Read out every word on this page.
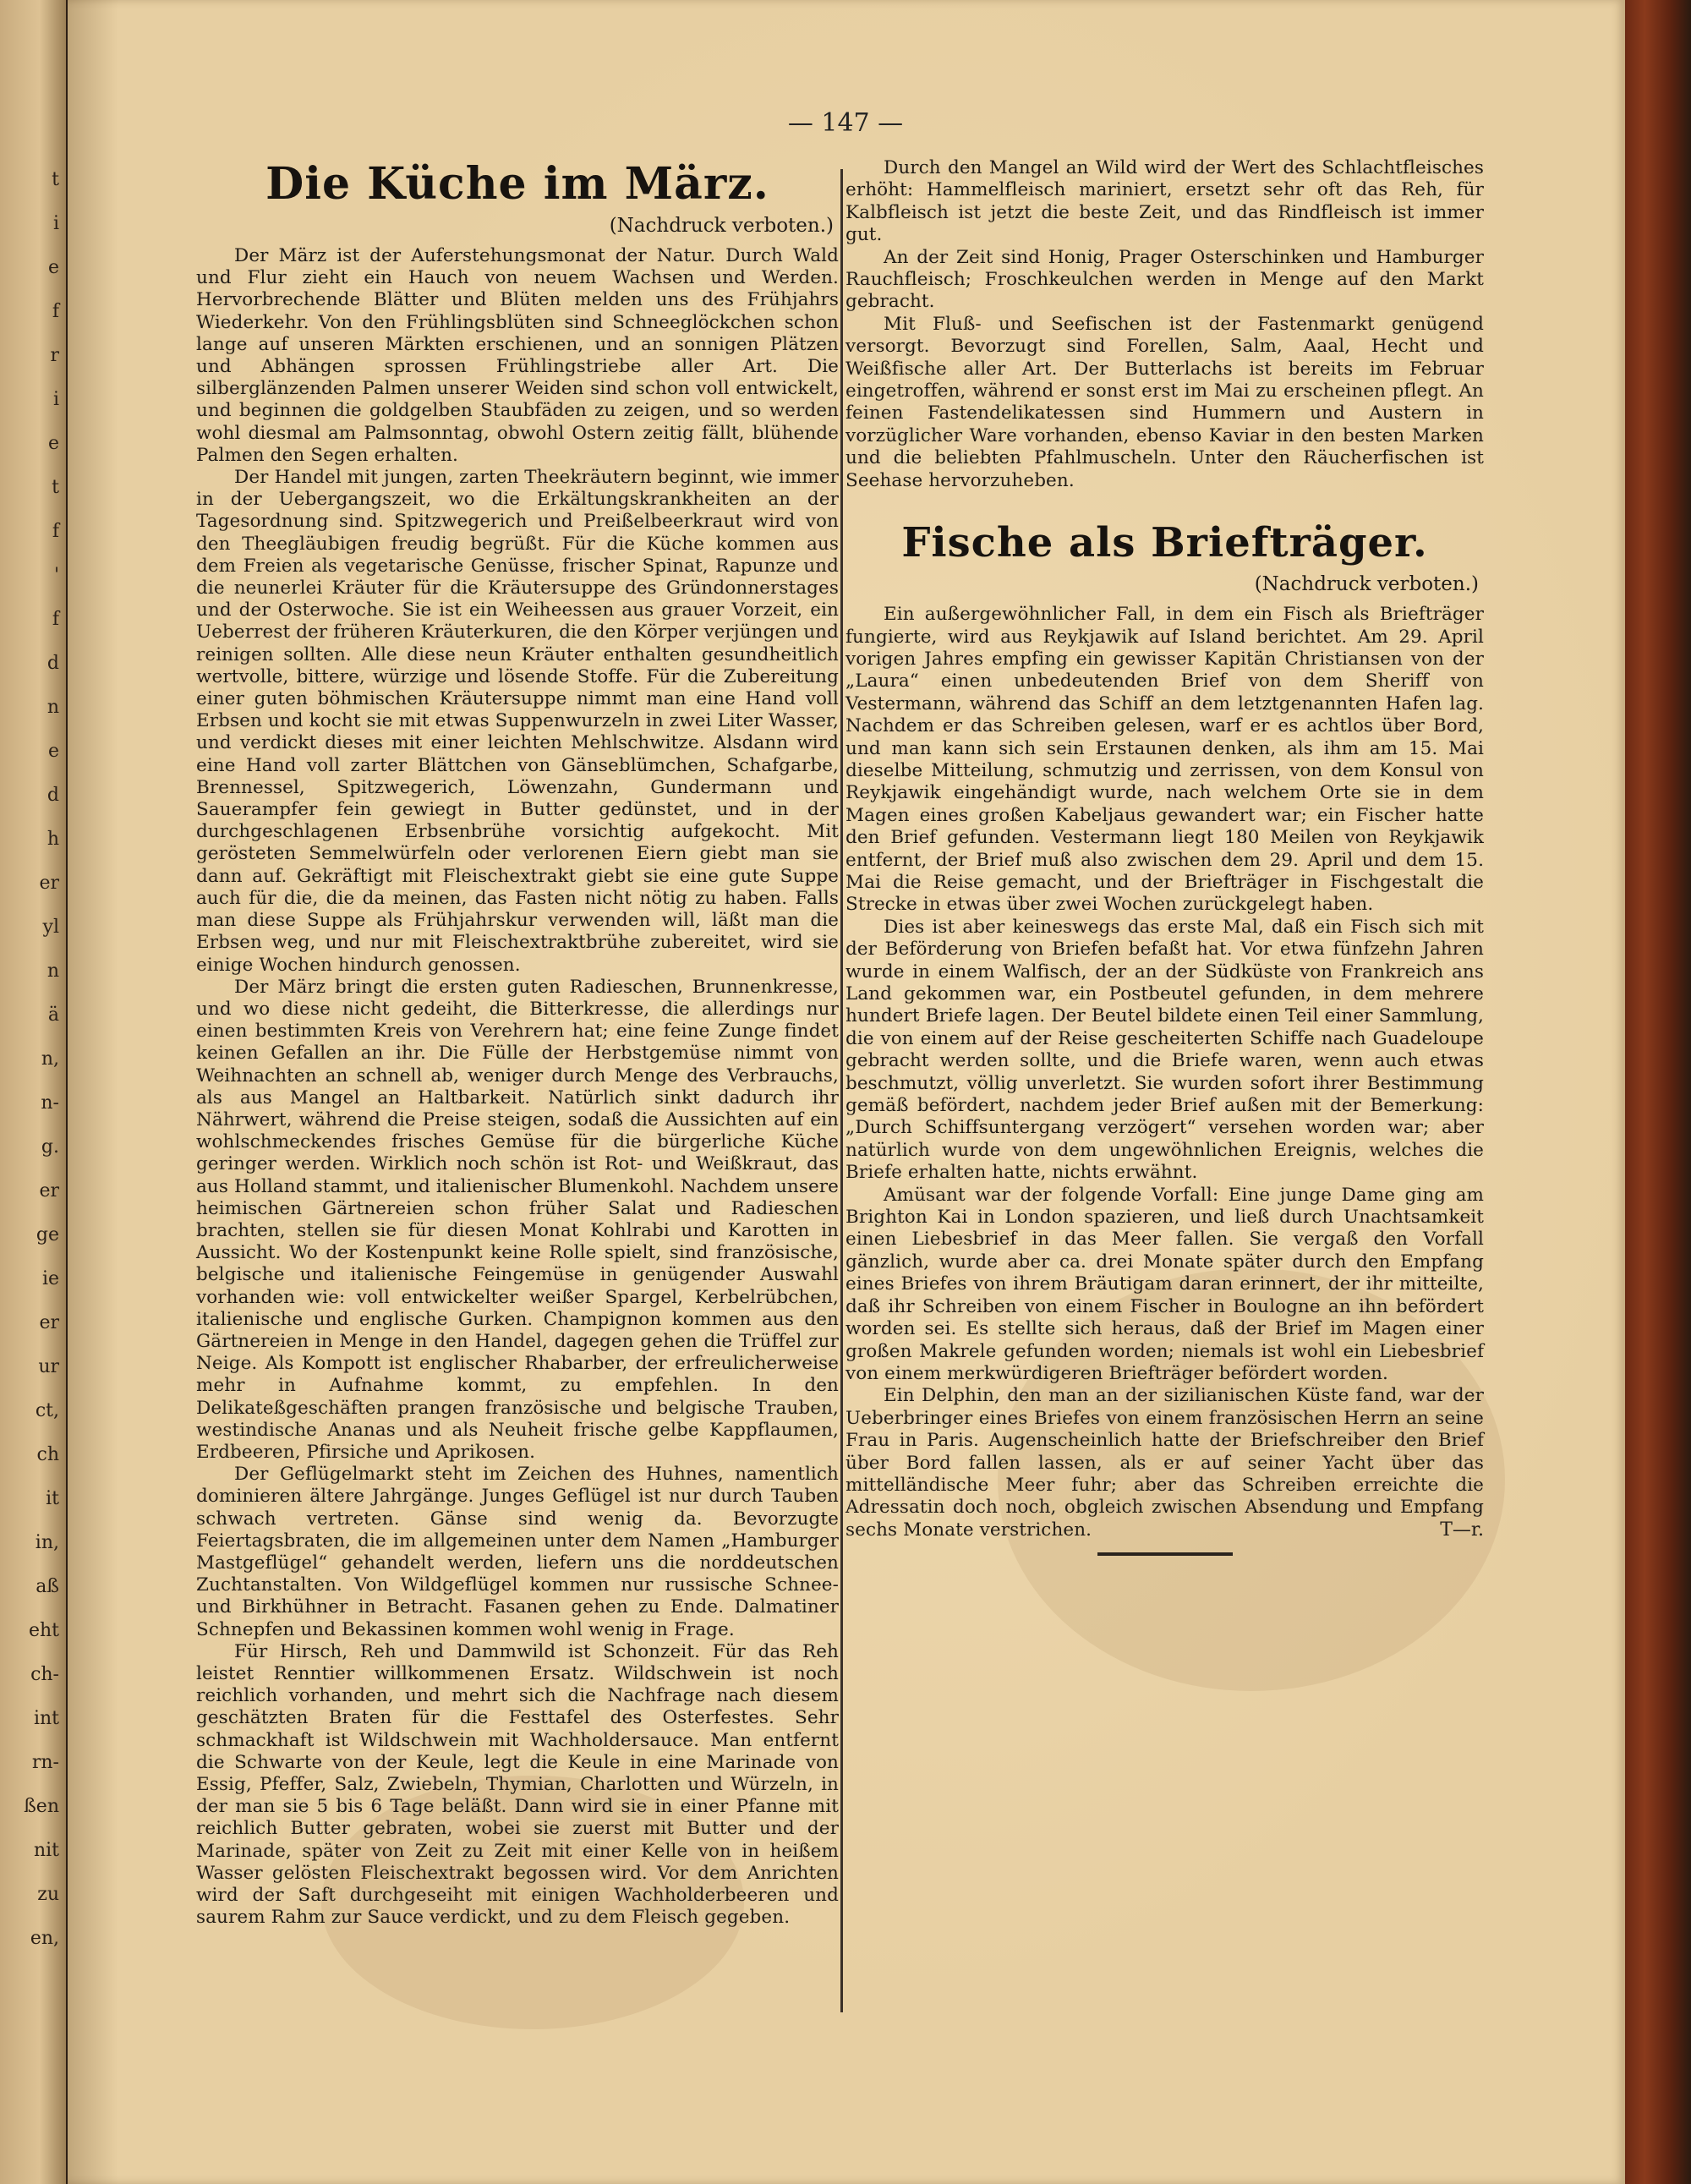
t
i
e
f
r
i
e
t
f
'
f
d
n
e
d
h
er
yl
n
ä
n,
n-
g.
er
ge
ie
er
ur
ct,
ch
it
in,
aß
eht
ch-
int
rn-
ßen
nit
zu
en,
— 147 —
Die Küche im März.
(Nachdruck verboten.)

Der März ist der Auferstehungsmonat der Natur. Durch Wald und Flur zieht ein Hauch von neuem Wachsen und Werden. Hervorbrechende Blätter und Blüten melden uns des Frühjahrs Wiederkehr. Von den Frühlingsblüten sind Schneeglöckchen schon lange auf unseren Märkten erschienen, und an sonnigen Plätzen und Abhängen sprossen Frühlingstriebe aller Art. Die silberglänzenden Palmen unserer Weiden sind schon voll entwickelt, und beginnen die goldgelben Staubfäden zu zeigen, und so werden wohl diesmal am Palmsonntag, obwohl Ostern zeitig fällt, blühende Palmen den Segen erhalten.

Der Handel mit jungen, zarten Theekräutern beginnt, wie immer in der Uebergangszeit, wo die Erkältungskrankheiten an der Tagesordnung sind. Spitzwegerich und Preißelbeerkraut wird von den Theegläubigen freudig begrüßt. Für die Küche kommen aus dem Freien als vegetarische Genüsse, frischer Spinat, Rapunze und die neunerlei Kräuter für die Kräutersuppe des Gründonnerstages und der Osterwoche. Sie ist ein Weiheessen aus grauer Vorzeit, ein Ueberrest der früheren Kräuterkuren, die den Körper verjüngen und reinigen sollten. Alle diese neun Kräuter enthalten gesundheitlich wertvolle, bittere, würzige und lösende Stoffe. Für die Zubereitung einer guten böhmischen Kräutersuppe nimmt man eine Hand voll Erbsen und kocht sie mit etwas Suppenwurzeln in zwei Liter Wasser, und verdickt dieses mit einer leichten Mehlschwitze. Alsdann wird eine Hand voll zarter Blättchen von Gänseblümchen, Schafgarbe, Brennessel, Spitzwegerich, Löwenzahn, Gundermann und Sauerampfer fein gewiegt in Butter gedünstet, und in der durchgeschlagenen Erbsenbrühe vorsichtig aufgekocht. Mit gerösteten Semmelwürfeln oder verlorenen Eiern giebt man sie dann auf. Gekräftigt mit Fleischextrakt giebt sie eine gute Suppe auch für die, die da meinen, das Fasten nicht nötig zu haben. Falls man diese Suppe als Frühjahrskur verwenden will, läßt man die Erbsen weg, und nur mit Fleischextraktbrühe zubereitet, wird sie einige Wochen hindurch genossen.

Der März bringt die ersten guten Radieschen, Brunnenkresse, und wo diese nicht gedeiht, die Bitterkresse, die allerdings nur einen bestimmten Kreis von Verehrern hat; eine feine Zunge findet keinen Gefallen an ihr. Die Fülle der Herbstgemüse nimmt von Weihnachten an schnell ab, weniger durch Menge des Verbrauchs, als aus Mangel an Haltbarkeit. Natürlich sinkt dadurch ihr Nährwert, während die Preise steigen, sodaß die Aussichten auf ein wohlschmeckendes frisches Gemüse für die bürgerliche Küche geringer werden. Wirklich noch schön ist Rot- und Weißkraut, das aus Holland stammt, und italienischer Blumenkohl. Nachdem unsere heimischen Gärtnereien schon früher Salat und Radieschen brachten, stellen sie für diesen Monat Kohlrabi und Karotten in Aussicht. Wo der Kostenpunkt keine Rolle spielt, sind französische, belgische und italienische Feingemüse in genügender Auswahl vorhanden wie: voll entwickelter weißer Spargel, Kerbelrübchen, italienische und englische Gurken. Champignon kommen aus den Gärtnereien in Menge in den Handel, dagegen gehen die Trüffel zur Neige. Als Kompott ist englischer Rhabarber, der erfreulicherweise mehr in Aufnahme kommt, zu empfehlen. In den Delikateßgeschäften prangen französische und belgische Trauben, westindische Ananas und als Neuheit frische gelbe Kappflaumen, Erdbeeren, Pfirsiche und Aprikosen.

Der Geflügelmarkt steht im Zeichen des Huhnes, namentlich dominieren ältere Jahrgänge. Junges Geflügel ist nur durch Tauben schwach vertreten. Gänse sind wenig da. Bevorzugte Feiertagsbraten, die im allgemeinen unter dem Namen „Hamburger Mastgeflügel“ gehandelt werden, liefern uns die norddeutschen Zuchtanstalten. Von Wildgeflügel kommen nur russische Schnee- und Birkhühner in Betracht. Fasanen gehen zu Ende. Dalmatiner Schnepfen und Bekassinen kommen wohl wenig in Frage.

Für Hirsch, Reh und Dammwild ist Schonzeit. Für das Reh leistet Renntier willkommenen Ersatz. Wildschwein ist noch reichlich vorhanden, und mehrt sich die Nachfrage nach diesem geschätzten Braten für die Festtafel des Osterfestes. Sehr schmackhaft ist Wildschwein mit Wachholdersauce. Man entfernt die Schwarte von der Keule, legt die Keule in eine Marinade von Essig, Pfeffer, Salz, Zwiebeln, Thymian, Charlotten und Würzeln, in der man sie 5 bis 6 Tage beläßt. Dann wird sie in einer Pfanne mit reichlich Butter gebraten, wobei sie zuerst mit Butter und der Marinade, später von Zeit zu Zeit mit einer Kelle von in heißem Wasser gelösten Fleischextrakt begossen wird. Vor dem Anrichten wird der Saft durchgeseiht mit einigen Wachholderbeeren und saurem Rahm zur Sauce verdickt, und zu dem Fleisch gegeben.

Durch den Mangel an Wild wird der Wert des Schlachtfleisches erhöht: Hammelfleisch mariniert, ersetzt sehr oft das Reh, für Kalbfleisch ist jetzt die beste Zeit, und das Rindfleisch ist immer gut.

An der Zeit sind Honig, Prager Osterschinken und Hamburger Rauchfleisch; Froschkeulchen werden in Menge auf den Markt gebracht.

Mit Fluß- und Seefischen ist der Fastenmarkt genügend versorgt. Bevorzugt sind Forellen, Salm, Aaal, Hecht und Weißfische aller Art. Der Butterlachs ist bereits im Februar eingetroffen, während er sonst erst im Mai zu erscheinen pflegt. An feinen Fastendelikatessen sind Hummern und Austern in vorzüglicher Ware vorhanden, ebenso Kaviar in den besten Marken und die beliebten Pfahlmuscheln. Unter den Räucherfischen ist Seehase hervorzuheben.

Fische als Briefträger.
(Nachdruck verboten.)

Ein außergewöhnlicher Fall, in dem ein Fisch als Briefträger fungierte, wird aus Reykjawik auf Island berichtet. Am 29. April vorigen Jahres empfing ein gewisser Kapitän Christiansen von der „Laura“ einen unbedeutenden Brief von dem Sheriff von Vestermann, während das Schiff an dem letztgenannten Hafen lag. Nachdem er das Schreiben gelesen, warf er es achtlos über Bord, und man kann sich sein Erstaunen denken, als ihm am 15. Mai dieselbe Mitteilung, schmutzig und zerrissen, von dem Konsul von Reykjawik eingehändigt wurde, nach welchem Orte sie in dem Magen eines großen Kabeljaus gewandert war; ein Fischer hatte den Brief gefunden. Vestermann liegt 180 Meilen von Reykjawik entfernt, der Brief muß also zwischen dem 29. April und dem 15. Mai die Reise gemacht, und der Briefträger in Fischgestalt die Strecke in etwas über zwei Wochen zurückgelegt haben.

Dies ist aber keineswegs das erste Mal, daß ein Fisch sich mit der Beförderung von Briefen befaßt hat. Vor etwa fünfzehn Jahren wurde in einem Walfisch, der an der Südküste von Frankreich ans Land gekommen war, ein Postbeutel gefunden, in dem mehrere hundert Briefe lagen. Der Beutel bildete einen Teil einer Sammlung, die von einem auf der Reise gescheiterten Schiffe nach Guadeloupe gebracht werden sollte, und die Briefe waren, wenn auch etwas beschmutzt, völlig unverletzt. Sie wurden sofort ihrer Bestimmung gemäß befördert, nachdem jeder Brief außen mit der Bemerkung: „Durch Schiffsuntergang verzögert“ versehen worden war; aber natürlich wurde von dem ungewöhnlichen Ereignis, welches die Briefe erhalten hatte, nichts erwähnt.

Amüsant war der folgende Vorfall: Eine junge Dame ging am Brighton Kai in London spazieren, und ließ durch Unachtsamkeit einen Liebesbrief in das Meer fallen. Sie vergaß den Vorfall gänzlich, wurde aber ca. drei Monate später durch den Empfang eines Briefes von ihrem Bräutigam daran erinnert, der ihr mitteilte, daß ihr Schreiben von einem Fischer in Boulogne an ihn befördert worden sei. Es stellte sich heraus, daß der Brief im Magen einer großen Makrele gefunden worden; niemals ist wohl ein Liebesbrief von einem merkwürdigeren Briefträger befördert worden.

Ein Delphin, den man an der sizilianischen Küste fand, war der Ueberbringer eines Briefes von einem französischen Herrn an seine Frau in Paris. Augenscheinlich hatte der Briefschreiber den Brief über Bord fallen lassen, als er auf seiner Yacht über das mittelländische Meer fuhr; aber das Schreiben erreichte die Adressatin doch noch, obgleich zwischen Absendung und Empfang sechs Monate verstrichen.	T—r.
